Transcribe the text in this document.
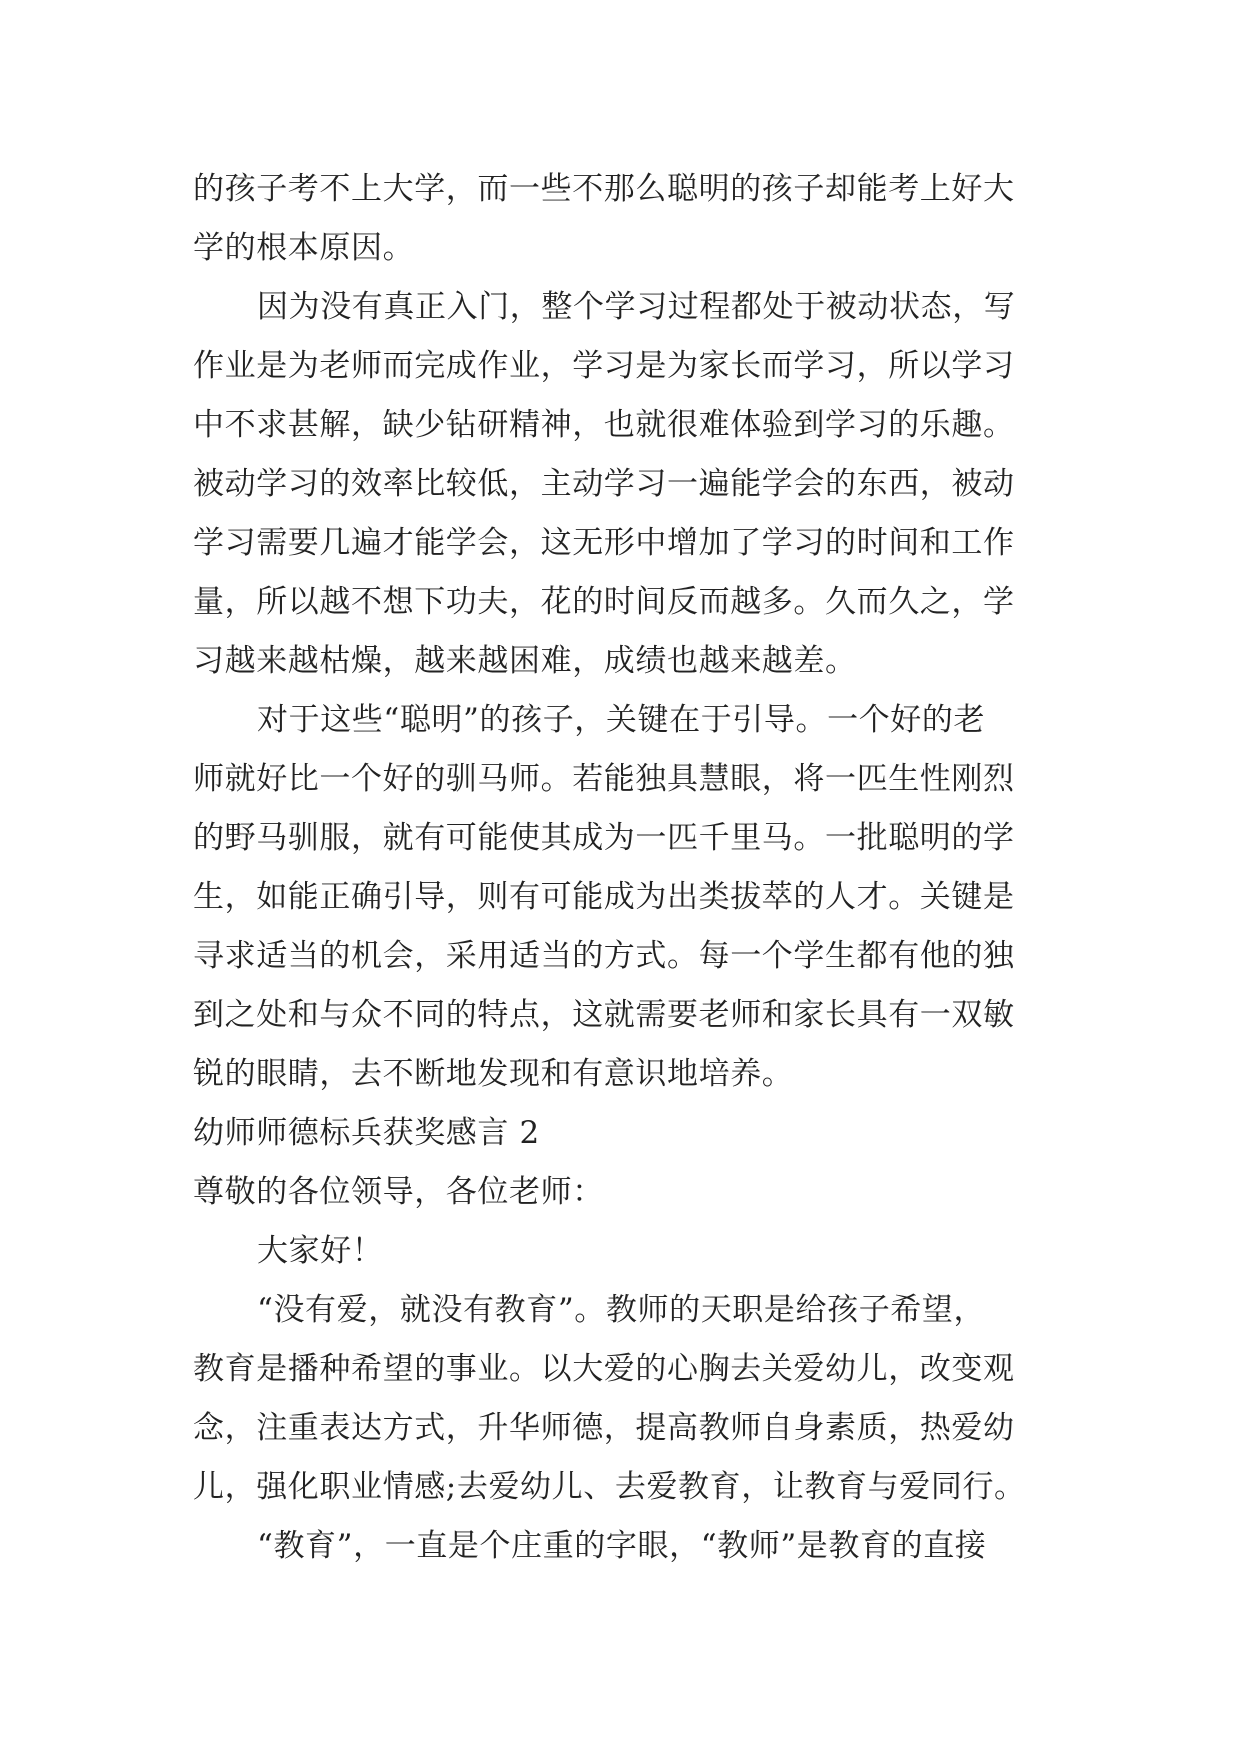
的孩子考不上大学，而一些不那么聪明的孩子却能考上好大
学的根本原因。
因为没有真正入门，整个学习过程都处于被动状态，写
作业是为老师而完成作业，学习是为家长而学习，所以学习
中不求甚解，缺少钻研精神，也就很难体验到学习的乐趣。
被动学习的效率比较低，主动学习一遍能学会的东西，被动
学习需要几遍才能学会，这无形中增加了学习的时间和工作
量，所以越不想下功夫，花的时间反而越多。久而久之，学
习越来越枯燥，越来越困难，成绩也越来越差。
对于这些“聪明”的孩子，关键在于引导。一个好的老
师就好比一个好的驯马师。若能独具慧眼，将一匹生性刚烈
的野马驯服，就有可能使其成为一匹千里马。一批聪明的学
生，如能正确引导，则有可能成为出类拔萃的人才。关键是
寻求适当的机会，采用适当的方式。每一个学生都有他的独
到之处和与众不同的特点，这就需要老师和家长具有一双敏
锐的眼睛，去不断地发现和有意识地培养。
幼师师德标兵获奖感言 2
尊敬的各位领导，各位老师：
大家好！
“没有爱，就没有教育”。教师的天职是给孩子希望，
教育是播种希望的事业。以大爱的心胸去关爱幼儿，改变观
念，注重表达方式，升华师德，提高教师自身素质，热爱幼
儿，强化职业情感;去爱幼儿、去爱教育，让教育与爱同行。
“教育”，一直是个庄重的字眼，“教师”是教育的直接
